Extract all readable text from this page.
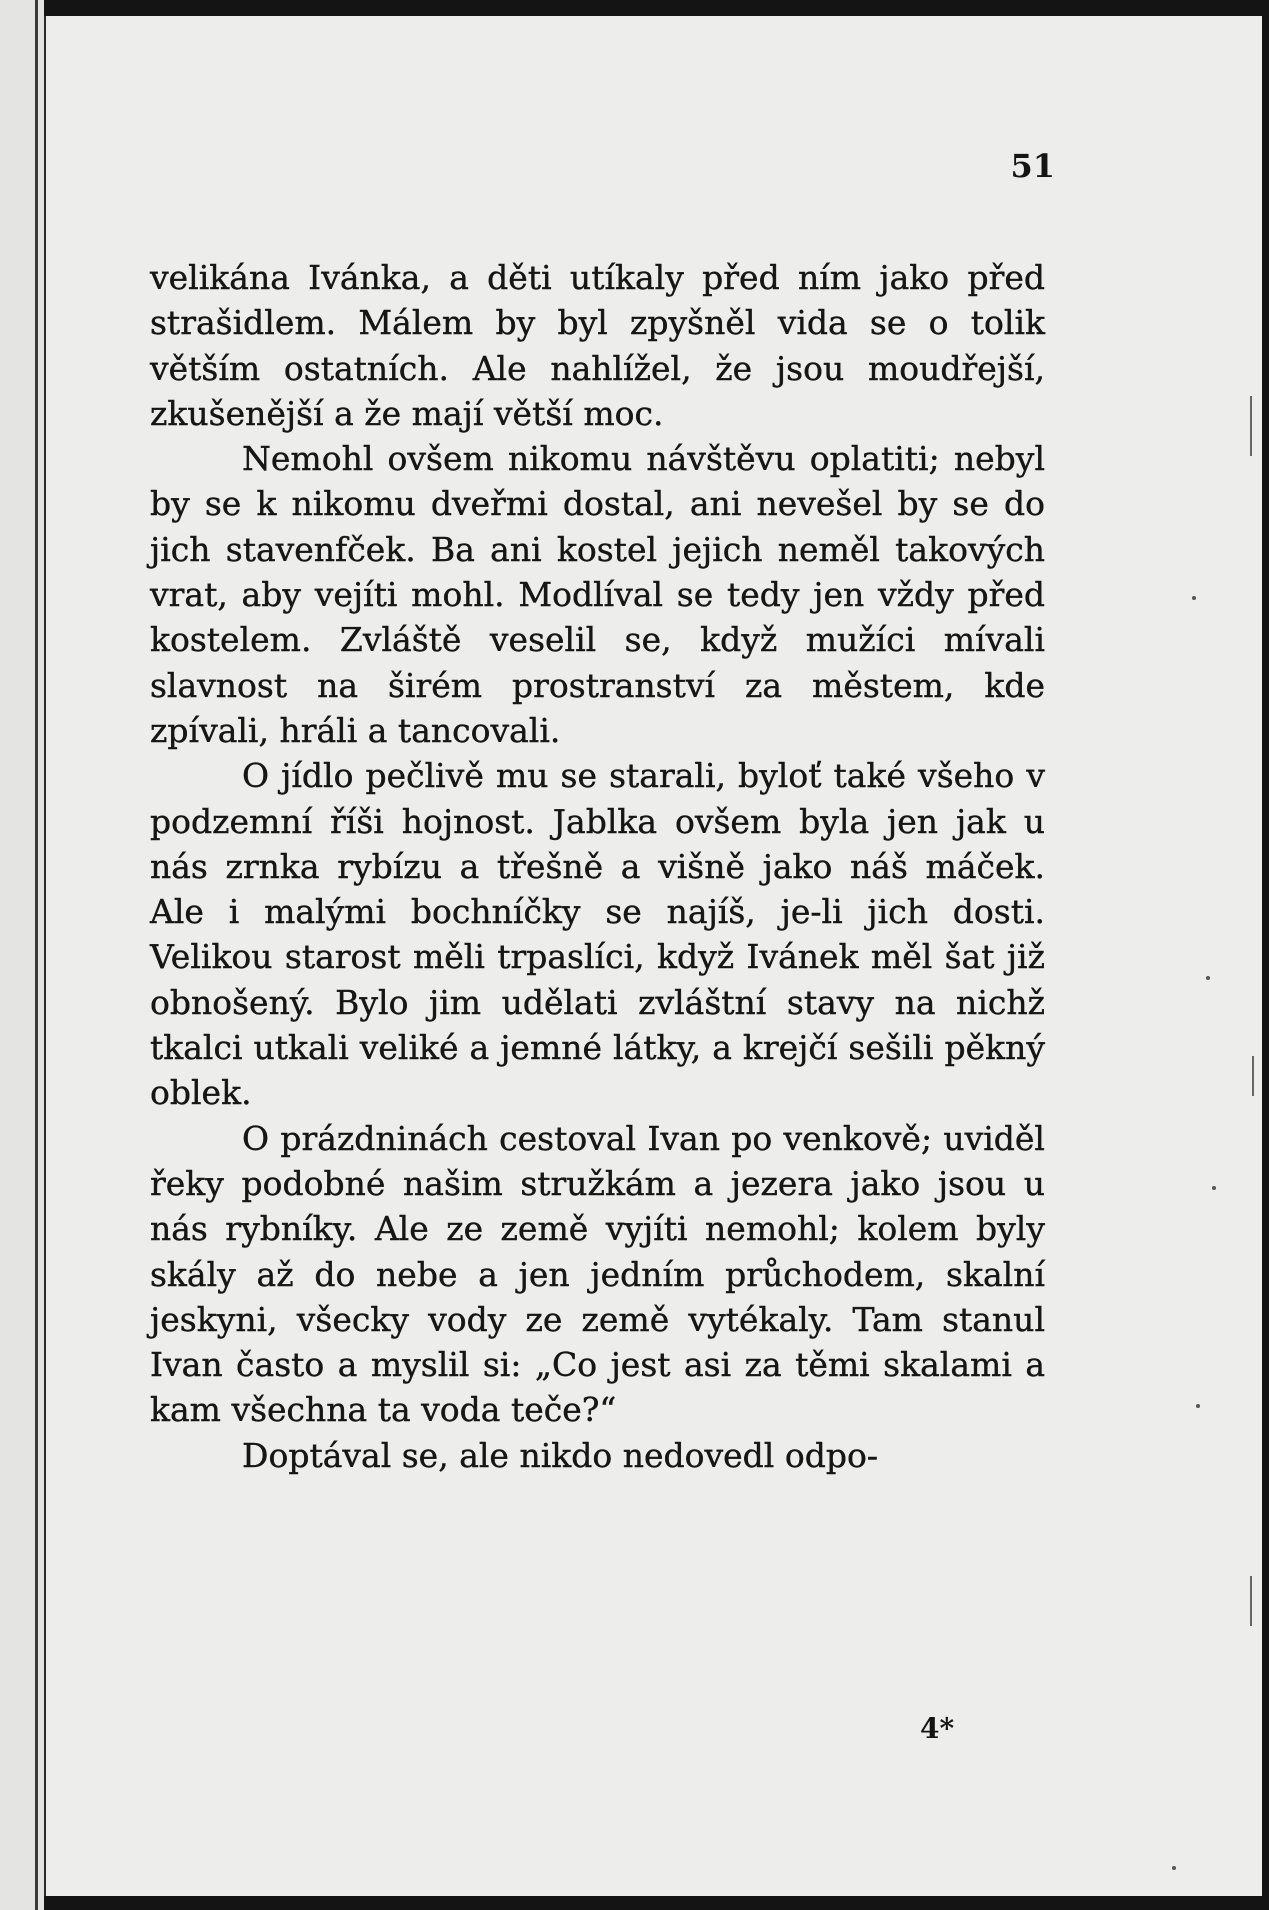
51

velikána Ivánka, a děti utíkaly před ním jako před strašidlem. Málem by byl zpyšněl vida se o tolik větším ostatních. Ale nahlížel, že jsou moudřejší, zkušenější a že mají větší moc.

Nemohl ovšem nikomu návštěvu oplatiti; nebyl by se k nikomu dveřmi dostal, ani nevešel by se do jich stavenfček. Ba ani kostel jejich neměl takových vrat, aby vejíti mohl. Modlíval se tedy jen vždy před kostelem. Zvláště veselil se, když mužíci mívali slavnost na širém prostranství za městem, kde zpívali, hráli a tancovali.

O jídlo pečlivě mu se starali, byloť také všeho v podzemní říši hojnost. Jablka ovšem byla jen jak u nás zrnka rybízu a třešně a višně jako náš máček. Ale i malými bochníčky se najíš, je-li jich dosti. Velikou starost měli trpaslíci, když Ivánek měl šat již obnošený. Bylo jim udělati zvláštní stavy na nichž tkalci utkali veliké a jemné látky, a krejčí sešili pěkný oblek.

O prázdninách cestoval Ivan po venkově; uviděl řeky podobné našim stružkám a jezera jako jsou u nás rybníky. Ale ze země vyjíti nemohl; kolem byly skály až do nebe a jen jedním průchodem, skalní jeskyni, všecky vody ze země vytékaly. Tam stanul Ivan často a myslil si: „Co jest asi za těmi skalami a kam všechna ta voda teče?“

Doptával se, ale nikdo nedovedl odpo-

4*
